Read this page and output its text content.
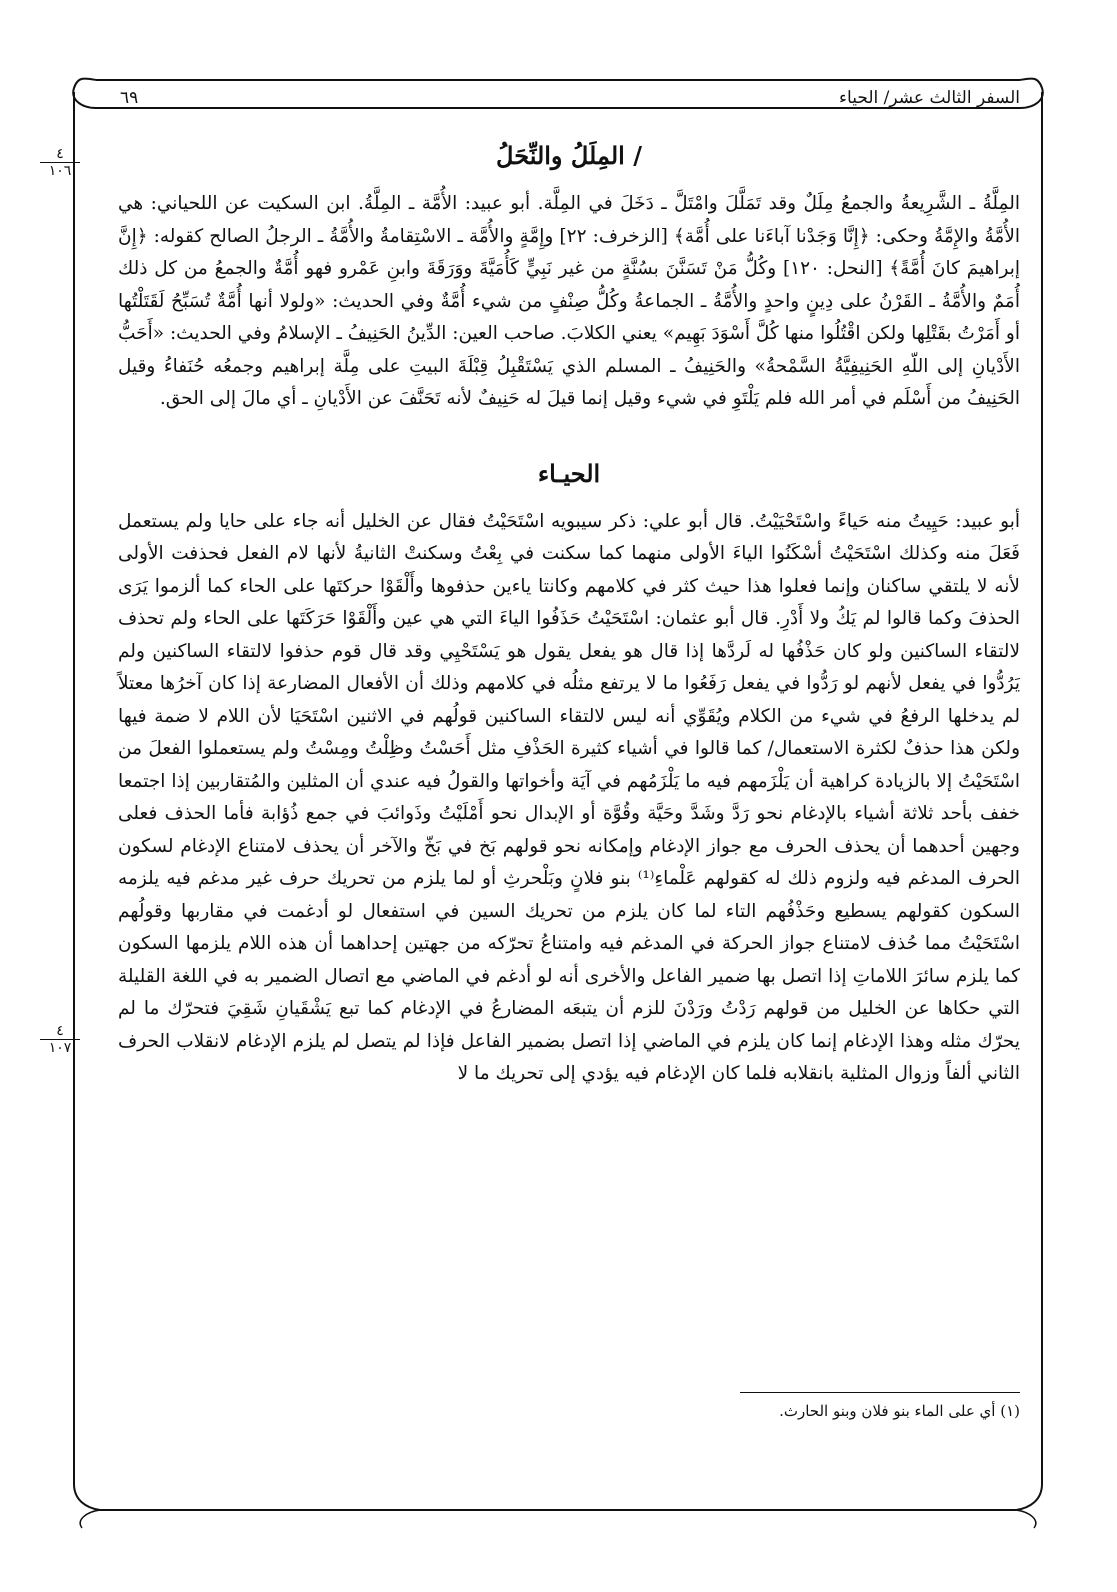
السفر الثالث عشر/ الحياء
٦٩
٤
١٠٦
٤
١٠٧
/ المِلَلُ والنِّحَلُ

المِلَّةُ ـ الشَّرِيعةُ والجمعُ مِلَلٌ وقد تَمَلَّلَ وامْتَلَّ ـ دَخَلَ في المِلَّة. أبو عبيد: الأُمَّة ـ المِلَّةُ. ابن السكيت عن اللحياني: هي الأُمَّةُ والإِمَّةُ وحكى: ﴿إِنَّا وَجَدْنا آباءَنا على أُمَّة﴾ [الزخرف: ٢٢] وإِمَّةٍ والأُمَّة ـ الاسْتِقامةُ والأُمَّةُ ـ الرجلُ الصالح كقوله: ﴿إِنَّ إبراهيمَ كانَ أُمَّةً﴾ [النحل: ١٢٠] وكُلُّ مَنْ تَسَنَّنَ بسُنَّةٍ من غير نَبِيٍّ كَأُمَيَّةَ ووَرَقَةَ وابنِ عَمْرو فهو أُمَّةٌ والجمعُ من كل ذلك أُمَمٌ والأُمَّةُ ـ القَرْنُ على دِينٍ واحدٍ والأُمَّةُ ـ الجماعةُ وكُلُّ صِنْفٍ من شيء أُمَّةٌ وفي الحديث: «ولولا أنها أُمَّةٌ تُسَبِّحُ لَقَتَلْتُها أو أَمَرْتُ بقَتْلِها ولكن اقْتُلُوا منها كُلَّ أَسْوَدَ بَهِيم» يعني الكلابَ. صاحب العين: الدِّينُ الحَنِيفُ ـ الإسلامُ وفي الحديث: «أَحَبُّ الأَدْيانِ إلى اللّهِ الحَنِيفِيَّةُ السَّمْحةُ» والحَنِيفُ ـ المسلم الذي يَسْتَقْبِلُ قِبْلَةَ البيتِ على مِلَّة إبراهيم وجمعُه حُنَفاءُ وقيل الحَنِيفُ من أَسْلَم في أمر الله فلم يَلْتَوِ في شيء وقيل إنما قيلَ له حَنِيفٌ لأنه تَحَنَّفَ عن الأَدْيانِ ـ أي مالَ إلى الحق.

الحيـاء

أبو عبيد: حَيِيتُ منه حَياءً واسْتَحْيَيْتُ. قال أبو علي: ذكر سيبويه اسْتَحَيْتُ فقال عن الخليل أنه جاء على حايا ولم يستعمل فَعَلَ منه وكذلك اسْتَحَيْتُ أسْكَنُوا الياءَ الأولى منهما كما سكنت في بِعْتُ وسكنتْ الثانيةُ لأنها لام الفعل فحذفت الأولى لأنه لا يلتقي ساكنان وإنما فعلوا هذا حيث كثر في كلامهم وكانتا ياءين حذفوها وأَلْقَوْا حركتَها على الحاء كما ألزموا يَرَى الحذفَ وكما قالوا لم يَكُ ولا أَدْرِ. قال أبو عثمان: اسْتَحَيْتُ حَذَفُوا الياءَ التي هي عين وأَلْقَوْا حَرَكَتَها على الحاء ولم تحذف لالتقاء الساكنين ولو كان حَذْفُها له لَردَّها إذا قال هو يفعل يقول هو يَسْتَحْيِي وقد قال قوم حذفوا لالتقاء الساكنين ولم يَرُدُّوا في يفعل لأنهم لو رَدُّوا في يفعل رَفَعُوا ما لا يرتفع مثلُه في كلامهم وذلك أن الأفعال المضارعة إذا كان آخرُها معتلاً لم يدخلها الرفعُ في شيء من الكلام ويُقَوِّي أنه ليس لالتقاء الساكنين قولُهم في الاثنين اسْتَحَيَا لأن اللام لا ضمة فيها ولكن هذا حذفٌ لكثرة الاستعمال/ كما قالوا في أشياء كثيرة الحَذْفِ مثل أَحَسْتُ وظِلْتُ ومِسْتُ ولم يستعملوا الفعلَ من اسْتَحَيْتُ إلا بالزيادة كراهية أن يَلْزَمهم فيه ما يَلْزَمُهم في آيَة وأخواتها والقولُ فيه عندي أن المثلين والمُتقاربين إذا اجتمعا خفف بأحد ثلاثة أشياء بالإدغام نحو رَدَّ وشَدَّ وحَيَّة وقُوَّة أو الإبدال نحو أَمْلَيْتُ وذَوائبَ في جمع ذُؤابة فأما الحذف فعلى وجهين أحدهما أن يحذف الحرف مع جواز الإدغام وإمكانه نحو قولهم بَخ في بَخّ والآخر أن يحذف لامتناع الإدغام لسكون الحرف المدغم فيه ولزوم ذلك له كقولهم عَلْماءِ⁽¹⁾ بنو فلانٍ وبَلْحرثِ أو لما يلزم من تحريك حرف غير مدغم فيه يلزمه السكون كقولهم يسطيع وحَذْفُهم التاء لما كان يلزم من تحريك السين في استفعال لو أدغمت في مقاربها وقولُهم اسْتَحَيْتُ مما حُذف لامتناع جواز الحركة في المدغم فيه وامتناعُ تحرّكه من جهتين إحداهما أن هذه اللام يلزمها السكون كما يلزم سائرَ اللاماتِ إذا اتصل بها ضمير الفاعل والأخرى أنه لو أدغم في الماضي مع اتصال الضمير به في اللغة القليلة التي حكاها عن الخليل من قولهم رَدْتُ ورَدْنَ للزم أن يتبعَه المضارعُ في الإدغام كما تبع يَشْقَيانِ شَقِيَ فتحرّك ما لم يحرّك مثله وهذا الإدغام إنما كان يلزم في الماضي إذا اتصل بضمير الفاعل فإذا لم يتصل لم يلزم الإدغام لانقلاب الحرف الثاني ألفاً وزوال المثلية بانقلابه فلما كان الإدغام فيه يؤدي إلى تحريك ما لا

(١) أي على الماء بنو فلان وبنو الحارث.
